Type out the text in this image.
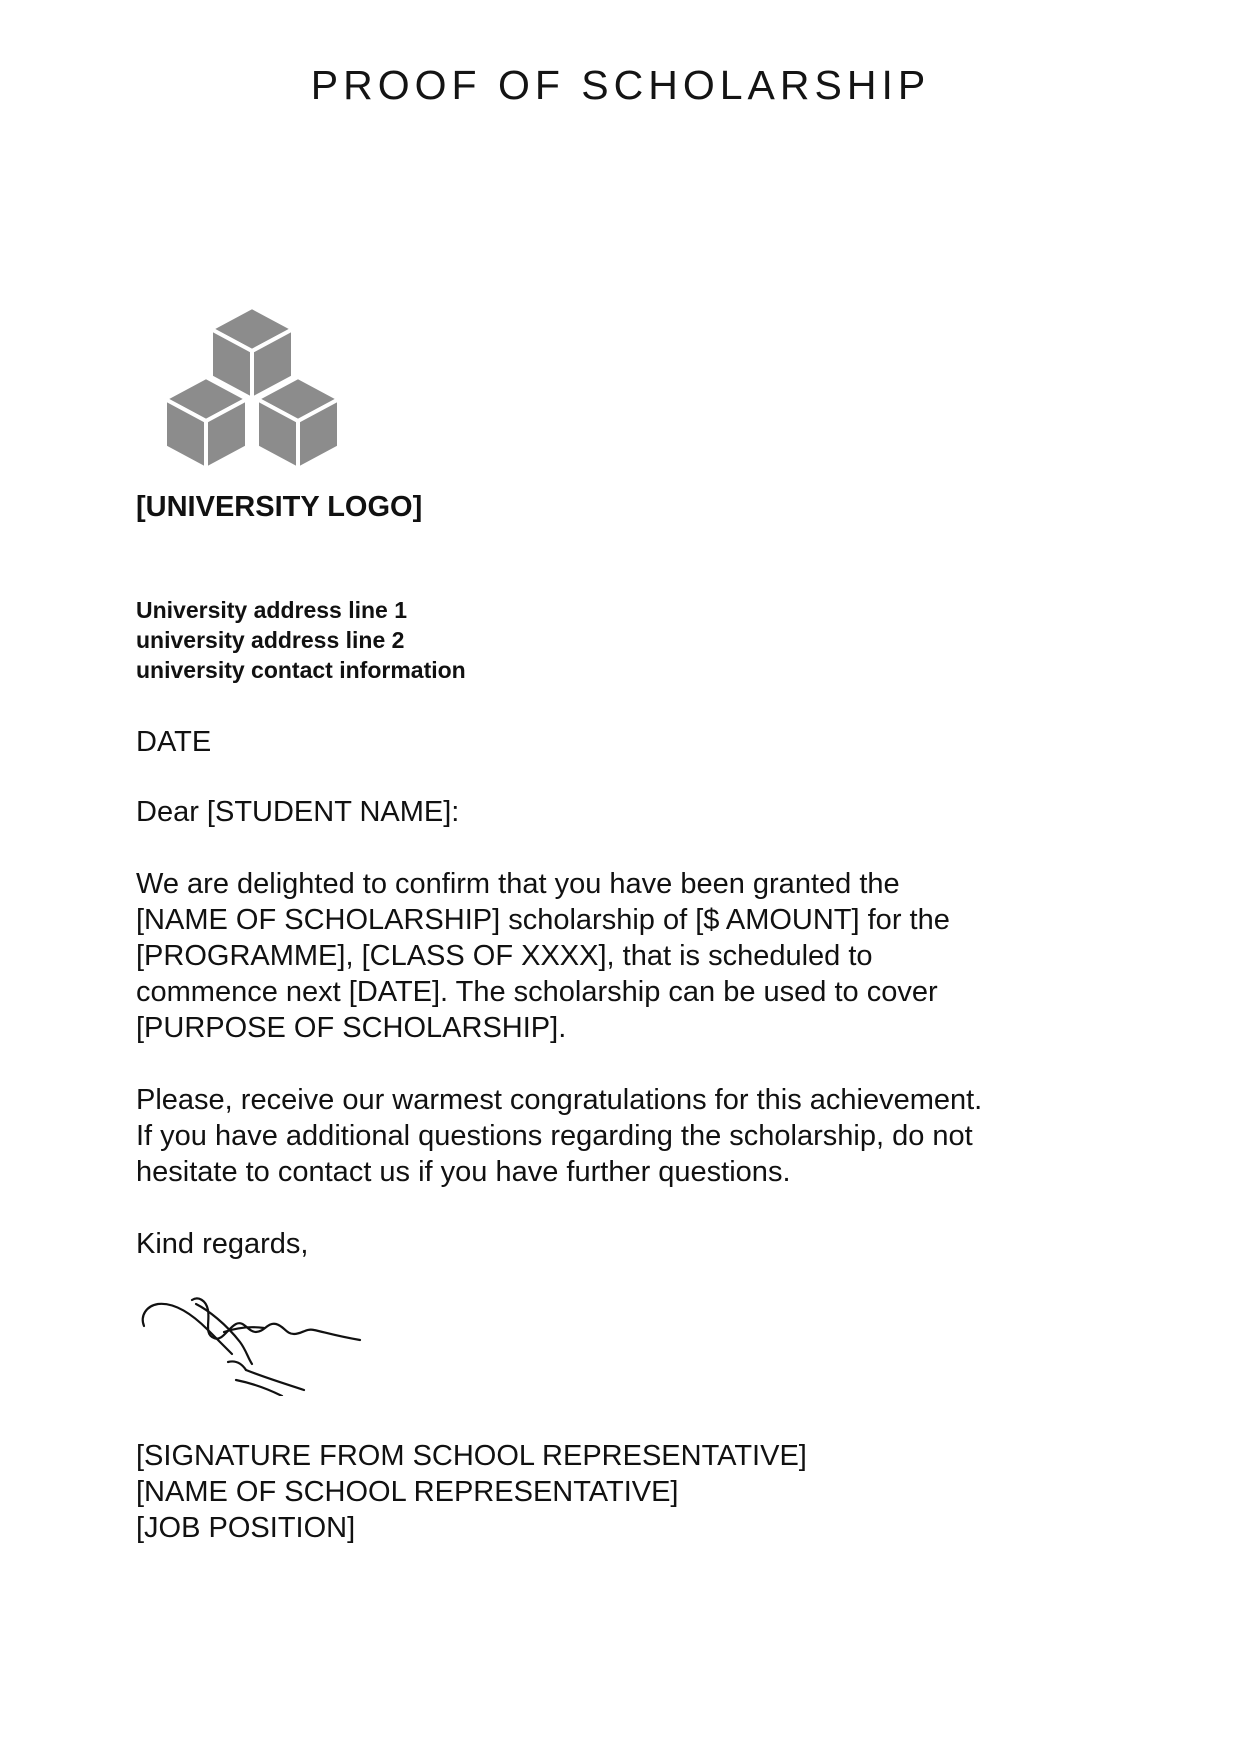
PROOF OF SCHOLARSHIP
[UNIVERSITY LOGO]
University address line 1
university address line 2
university contact information
DATE
Dear [STUDENT NAME]:
We are delighted to confirm that you have been granted the
[NAME OF SCHOLARSHIP] scholarship of [$ AMOUNT] for the
[PROGRAMME], [CLASS OF XXXX], that is scheduled to
commence next [DATE]. The scholarship can be used to cover
[PURPOSE OF SCHOLARSHIP].
Please, receive our warmest congratulations for this achievement.
If you have additional questions regarding the scholarship, do not
hesitate to contact us if you have further questions.
Kind regards,
[SIGNATURE FROM SCHOOL REPRESENTATIVE]
[NAME OF SCHOOL REPRESENTATIVE]
[JOB POSITION]
